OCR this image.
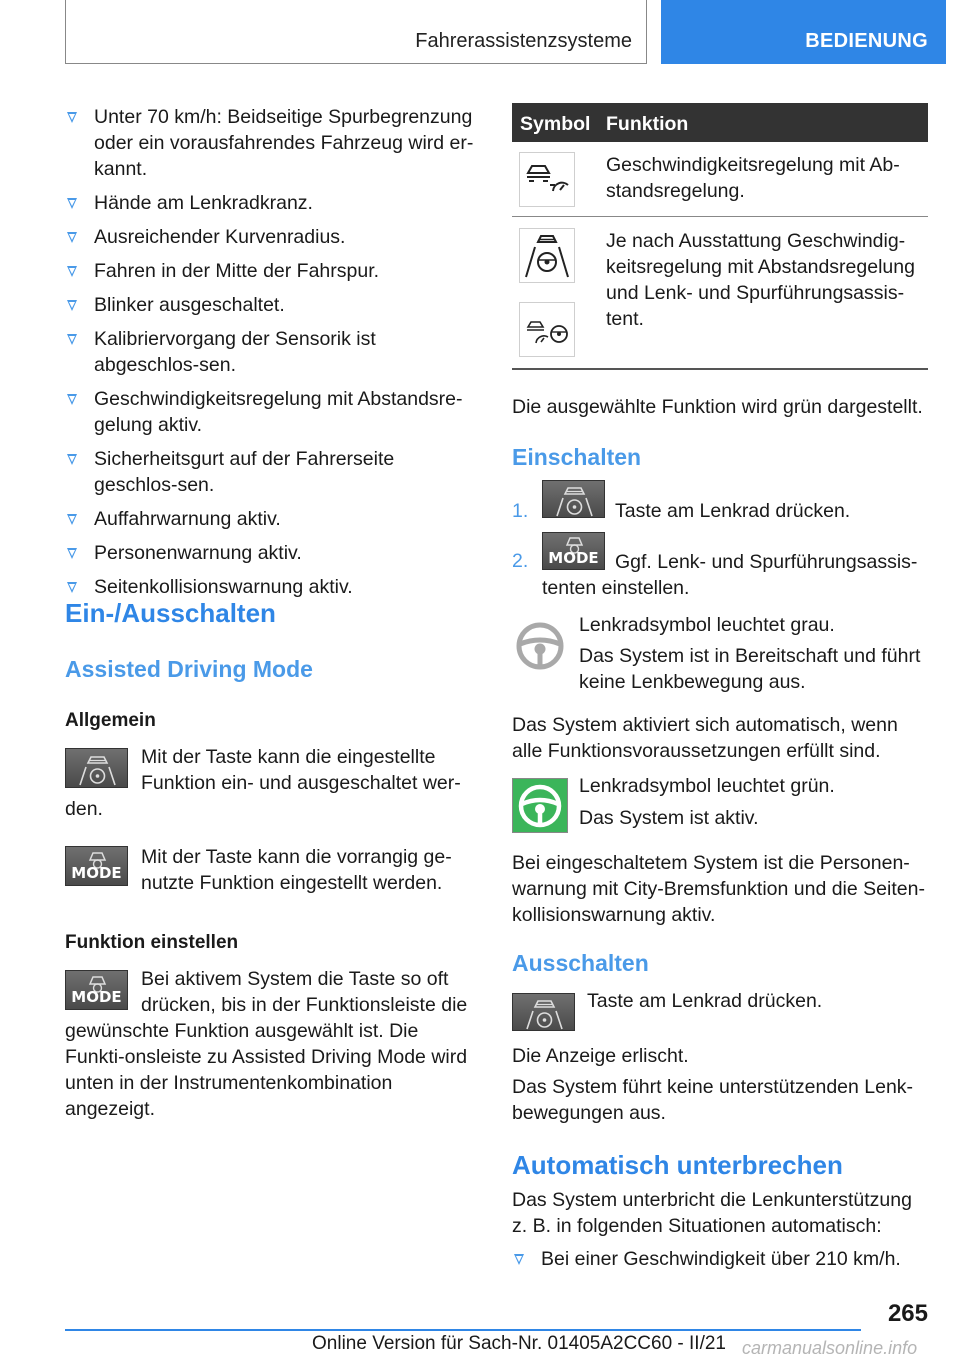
Fahrerassistenzsysteme	BEDIENUNG
Unter 70 km/h: Beidseitige Spurbegrenzung oder ein vorausfahrendes Fahrzeug wird er-kannt.
Hände am Lenkradkranz.
Ausreichender Kurvenradius.
Fahren in der Mitte der Fahrspur.
Blinker ausgeschaltet.
Kalibriervorgang der Sensorik ist abgeschlos-sen.
Geschwindigkeitsregelung mit Abstandsre-gelung aktiv.
Sicherheitsgurt auf der Fahrerseite geschlos-sen.
Auffahrwarnung aktiv.
Personenwarnung aktiv.
Seitenkollisionswarnung aktiv.
Ein-/Ausschalten
Assisted Driving Mode
Allgemein
Mit der Taste kann die eingestellte Funktion ein- und ausgeschaltet wer-
den.
MODE
Mit der Taste kann die vorrangig ge-nutzte Funktion eingestellt werden.
Funktion einstellen
MODE
Bei aktivem System die Taste so oft drücken, bis in der Funktionsleiste die
gewünschte Funktion ausgewählt ist. Die Funkti-onsleiste zu Assisted Driving Mode wird unten in der Instrumentenkombination angezeigt.
Symbol Funktion
Geschwindigkeitsregelung mit Ab-standsregelung.
Je nach Ausstattung Geschwindig-keitsregelung mit Abstandsregelung und Lenk- und Spurführungsassis-tent.
Die ausgewählte Funktion wird grün dargestellt.
Einschalten
1.	Taste am Lenkrad drücken.
2.	MODE Ggf. Lenk- und Spurführungsassis-
tenten einstellen.
Lenkradsymbol leuchtet grau.
Das System ist in Bereitschaft und führt keine Lenkbewegung aus.
Das System aktiviert sich automatisch, wenn alle Funktionsvoraussetzungen erfüllt sind.
Lenkradsymbol leuchtet grün.
Das System ist aktiv.
Bei eingeschaltetem System ist die Personen-warnung mit City-Bremsfunktion und die Seiten-kollisionswarnung aktiv.
Ausschalten
Taste am Lenkrad drücken.
Die Anzeige erlischt.
Das System führt keine unterstützenden Lenk-bewegungen aus.
Automatisch unterbrechen
Das System unterbricht die Lenkunterstützung z. B. in folgenden Situationen automatisch:
Bei einer Geschwindigkeit über 210 km/h.
265
Online Version für Sach-Nr. 01405A2CC60 - II/21 carmanualsonline.info
